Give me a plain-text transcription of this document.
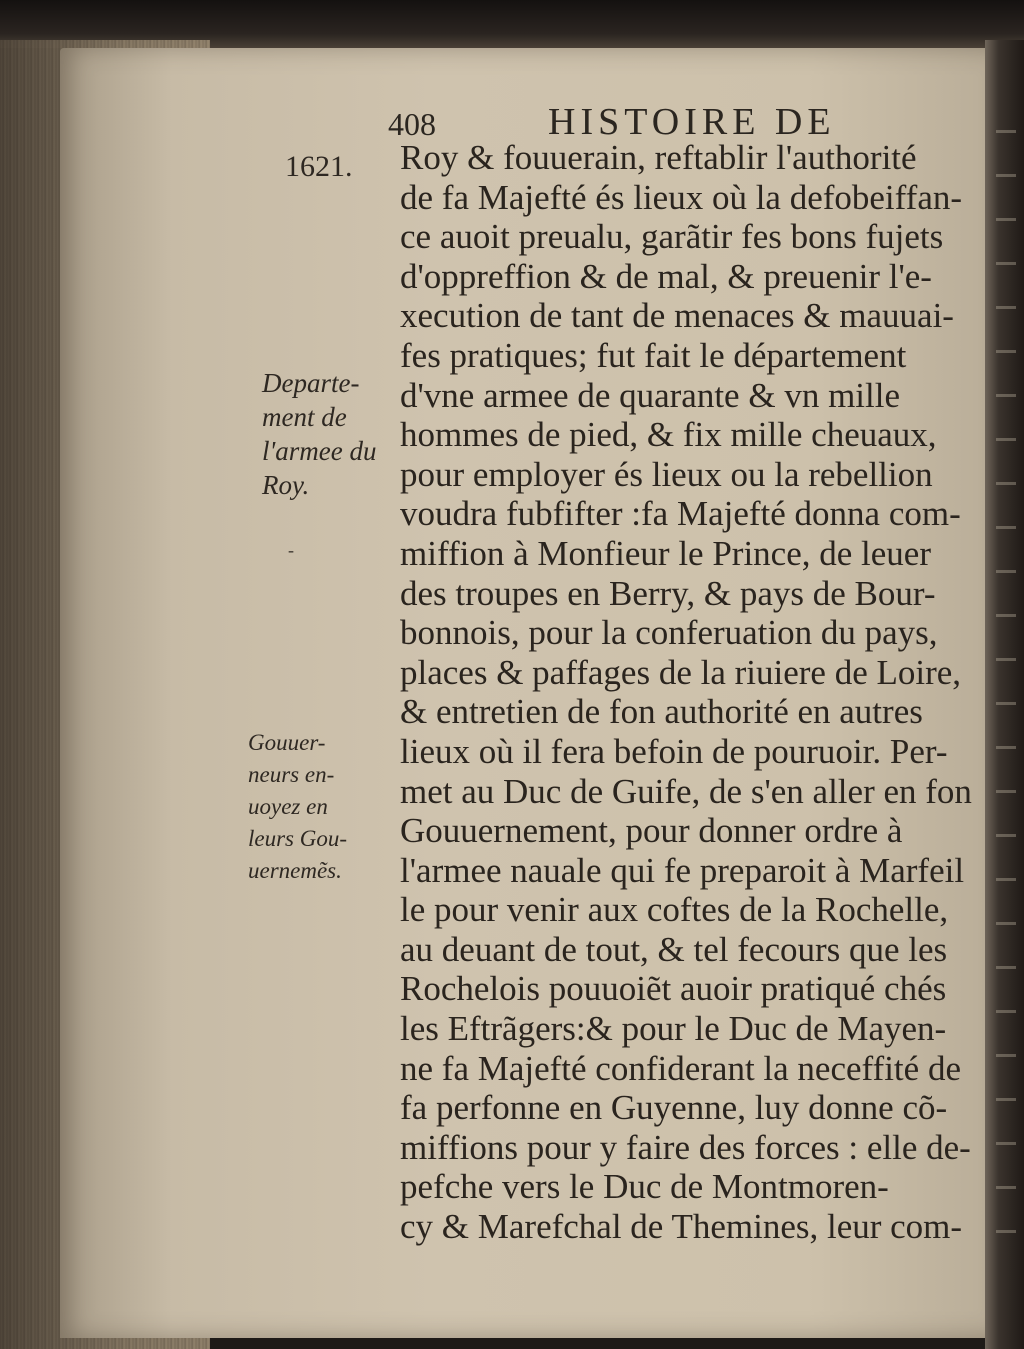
408	HISTOIRE DE
1621. Roy & fouuerain, reftablir l'authorité
de fa Majefté és lieux où la defobeiffan-
ce auoit preualu, garãtir fes bons fujets
d'oppreffion & de mal, & preuenir l'e-
xecution de tant de menaces & mauuai-
fes pratiques; fut fait le département
d'vne armee de quarante & vn mille
hommes de pied, & fix mille cheuaux,
pour employer és lieux ou la rebellion
voudra fubfifter :fa Majefté donna com-
miffion à Monfieur le Prince, de leuer
des troupes en Berry, & pays de Bour-
bonnois, pour la conferuation du pays,
places & paffages de la riuiere de Loire,
& entretien de fon authorité en autres
lieux où il fera befoin de pouruoir. Per-
met au Duc de Guife, de s'en aller en fon
Gouuernement, pour donner ordre à
l'armee nauale qui fe preparoit à Marfeil
le pour venir aux coftes de la Rochelle,
au deuant de tout, & tel fecours que les
Rochelois pouuoiẽt auoir pratiqué chés
les Eftrãgers:& pour le Duc de Mayen-
ne fa Majefté confiderant la neceffité de
fa perfonne en Guyenne, luy donne cõ-
miffions pour y faire des forces : elle de-
pefche vers le Duc de Montmoren-
cy & Marefchal de Themines, leur com-
Departe-
ment de
l'armee du
Roy.
Gouuer-
neurs en-
uoyez en
leurs Gou-
uernemẽs.
-
